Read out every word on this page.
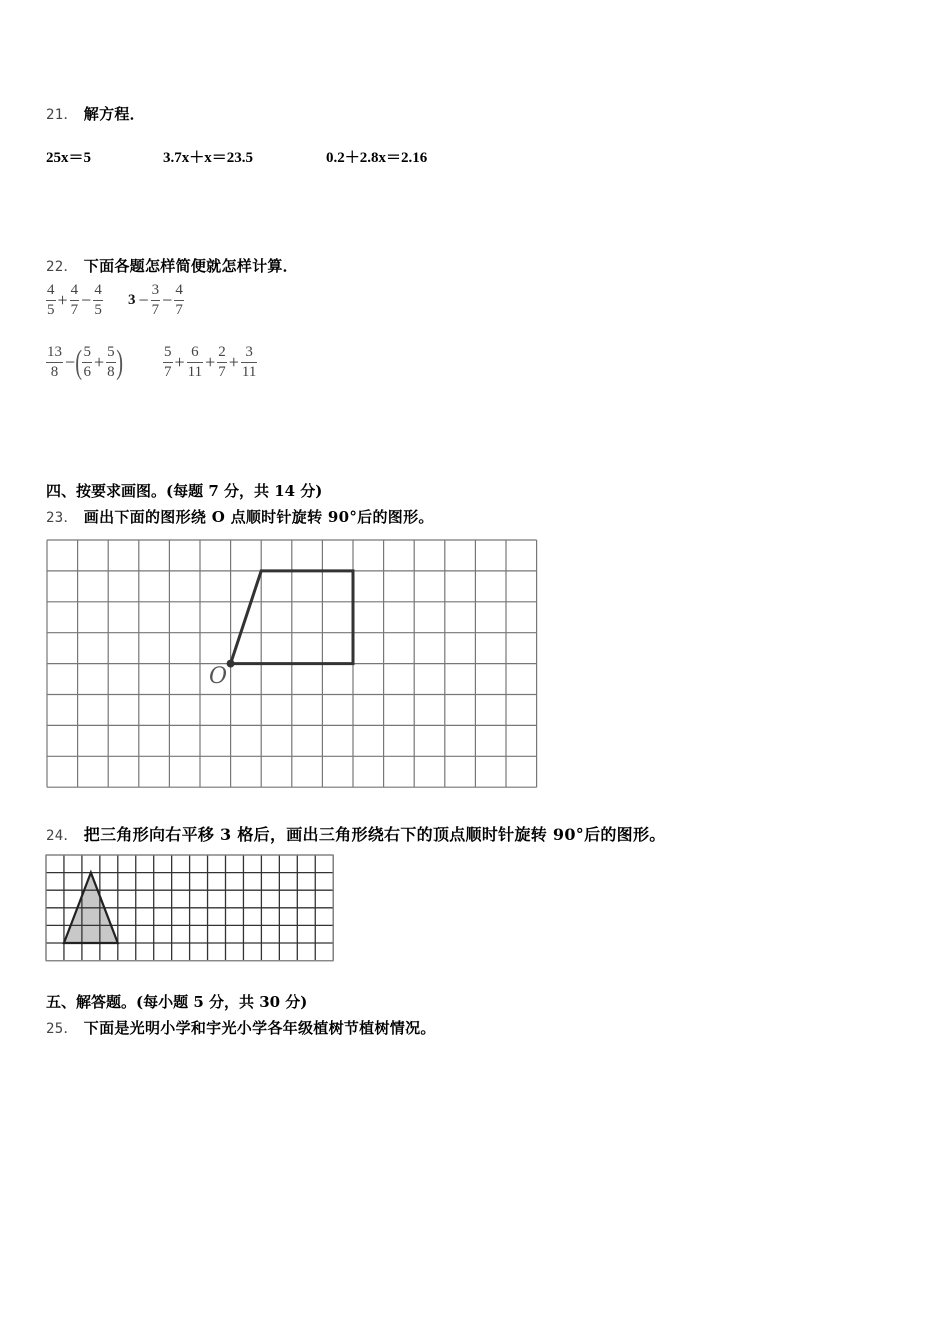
21． 解方程．
25x＝5	3.7x＋x＝23.5	0.2＋2.8x＝2.16
22． 下面各题怎样简便就怎样计算．
$\frac{4}{5} + \frac{4}{7} - \frac{4}{5} 3 - \frac{3}{7} - \frac{4}{7}$
$\frac{13}{8}$ − ( $\frac{5}{6} + \frac{5}{8}$ )	$\frac{5}{7} + \frac{6}{11} + \frac{2}{7} + \frac{3}{11}$
四、按要求画图。(每题 7 分，共 14 分)
23． 画出下面的图形绕 O 点顺时针旋转 90°后的图形。
O
24． 把三角形向右平移 3 格后，画出三角形绕右下的顶点顺时针旋转 90°后的图形。
五、解答题。(每小题 5 分，共 30 分)
25． 下面是光明小学和宇光小学各年级植树节植树情况。
